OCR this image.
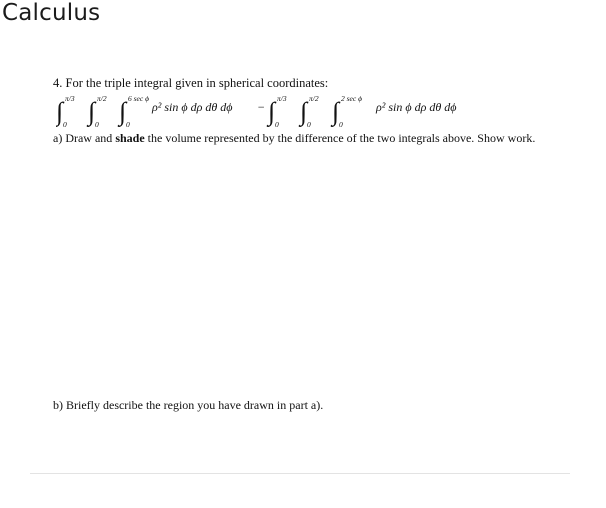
Calculus
4. For the triple integral given in spherical coordinates:
∫ ∫ ∫
π/3	π/2	6 sec ϕ
0	0	0
ρ² sin ϕ dρ dθ dϕ − ∫ ∫ ∫
π/3	π/2	2 sec ϕ
0	0	0
ρ² sin ϕ dρ dθ dϕ
a) Draw and shade the volume represented by the difference of the two integrals above. Show work.
b) Briefly describe the region you have drawn in part a).
